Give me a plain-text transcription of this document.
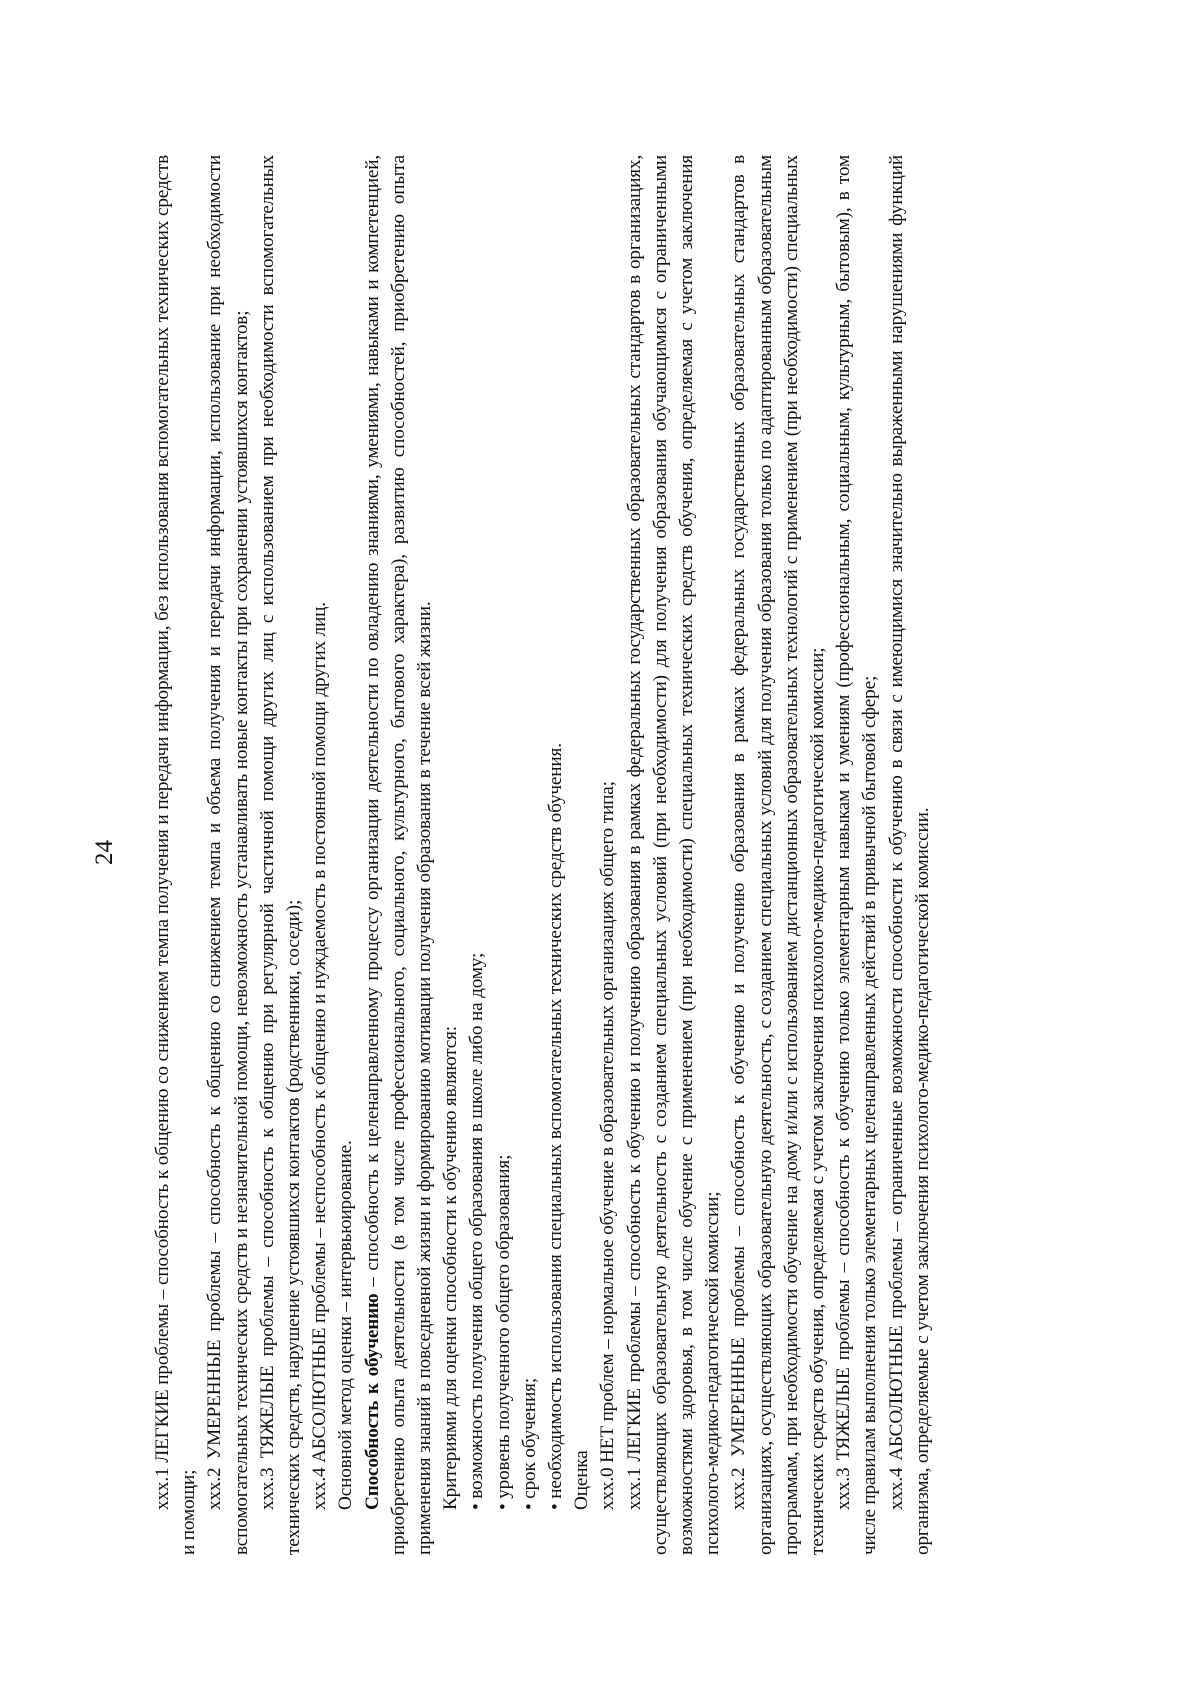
24 ххх.1 ЛЕГКИЕ проблемы – способность к общению со снижением темпа получения и передачи информации, без использования вспомогательных технических средств и помощи;

ххх.2 УМЕРЕННЫЕ проблемы – способность к общению со снижением темпа и объема получения и передачи информации, использование при необходимости вспомогательных технических средств и незначительной помощи, невозможность устанавливать новые контакты при сохранении устоявшихся контактов; ххх.3 ТЯЖЕЛЫЕ проблемы – способность к общению при регулярной частичной помощи других лиц с использованием при необходимости вспомогательных технических средств, нарушение устоявшихся контактов (родственники, соседи); ххх.4 АБСОЛЮТНЫЕ проблемы – неспособность к общению и нуждаемость в постоянной помощи других лиц. Основной метод оценки – интервьюирование. Способность к обучению – способность к целенаправленному процессу организации деятельности по овладению знаниями, умениями, навыками и компетенцией, приобретению опыта деятельности (в том числе профессионального, социального, культурного, бытового характера), развитию способностей, приобретению опыта применения знаний в повседневной жизни и формированию мотивации получения образования в течение всей жизни. Критериями для оценки способности к обучению являются: • возможность получения общего образования в школе либо на дому; • уровень полученного общего образования; • срок обучения; • необходимость использования специальных вспомогательных технических средств обучения. Оценка ххх.0 НЕТ проблем – нормальное обучение в образовательных организациях общего типа; ххх.1 ЛЕГКИЕ проблемы – способность к обучению и получению образования в рамках федеральных государственных образовательных стандартов в организациях, осуществляющих образовательную деятельность с созданием специальных условий (при необходимости) для получения образования обучающимися с ограниченными возможностями здоровья, в том числе обучение с применением (при необходимости) специальных технических средств обучения, определяемая с учетом заключения психолого-медико-педагогической комиссии; ххх.2 УМЕРЕННЫЕ проблемы – способность к обучению и получению образования в рамках федеральных государственных образовательных стандартов в организациях, осуществляющих образовательную деятельность, с созданием специальных условий для получения образования только по адаптированным образовательным программам, при необходимости обучение на дому и/или с использованием дистанционных образовательных технологий с применением (при необходимости) специальных технических средств обучения, определяемая с учетом заключения психолого-медико-педагогической комиссии; ххх.3 ТЯЖЕЛЫЕ проблемы – способность к обучению только элементарным навыкам и умениям (профессиональным, социальным, культурным, бытовым), в том числе правилам выполнения только элементарных целенаправленных действий в привычной бытовой сфере; ххх.4 АБСОЛЮТНЫЕ проблемы – ограниченные возможности способности к обучению в связи с имеющимися значительно выраженными нарушениями функций организма, определяемые с учетом заключения психолого-медико-педагогической комиссии.
